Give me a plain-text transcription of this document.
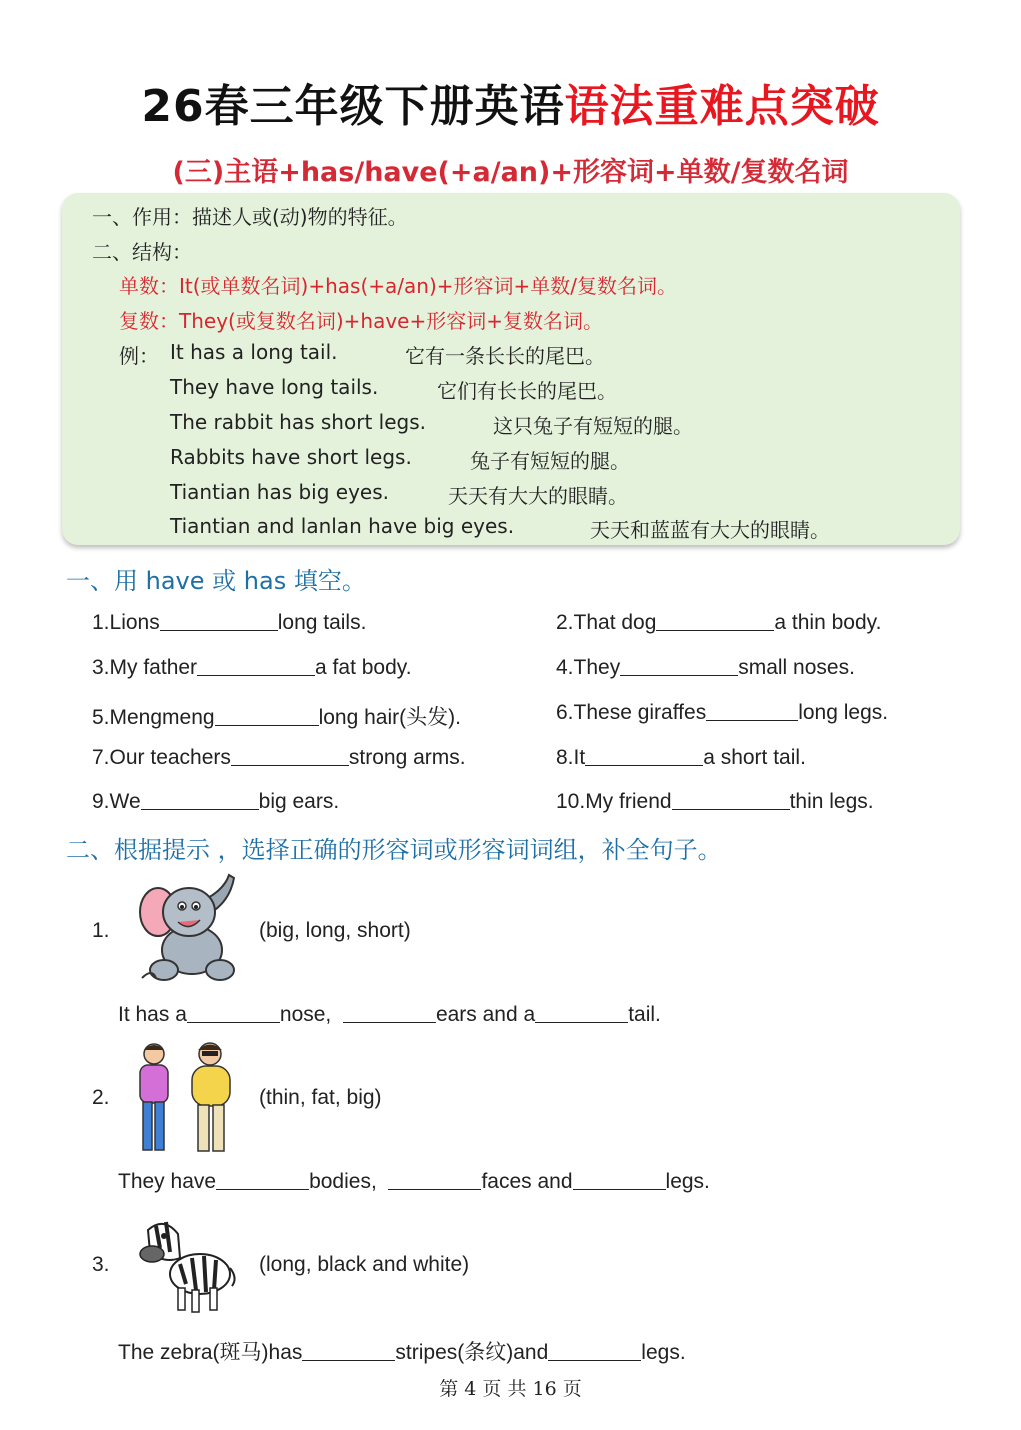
26春三年级下册英语语法重难点突破
(三)主语+has/have(+a/an)+形容词+单数/复数名词
一、作用：描述人或(动)物的特征。
二、结构：
单数：It(或单数名词)+has(+a/an)+形容词+单数/复数名词。
复数：They(或复数名词)+have+形容词+复数名词。
例： It has a long tail.	它有一条长长的尾巴。
They have long tails.	它们有长长的尾巴。
The rabbit has short legs.	这只兔子有短短的腿。
Rabbits have short legs.	兔子有短短的腿。
Tiantian has big eyes.	天天有大大的眼睛。
Tiantian and lanlan have big eyes.	天天和蓝蓝有大大的眼睛。
一、用 have 或 has 填空。
1.Lions	long tails.	2.That dog	a thin body.
3.My father	a fat body.	4.They	small noses.
5.Mengmeng	long hair(头发).	6.These giraffes	long legs.
7.Our teachers	strong arms.	8.It	a short tail.
9.We	big ears.	10.My friend	thin legs.
二、根据提示 ，选择正确的形容词或形容词词组，补全句子。
1.	(big, long, short)
It has a	nose,	ears and a	tail.
2.	(thin, fat, big)
They have	bodies,	faces and	legs.
3.	(long, black and white)
The zebra(斑马)has	stripes(条纹)and	legs.
第 4 页 共 16 页
